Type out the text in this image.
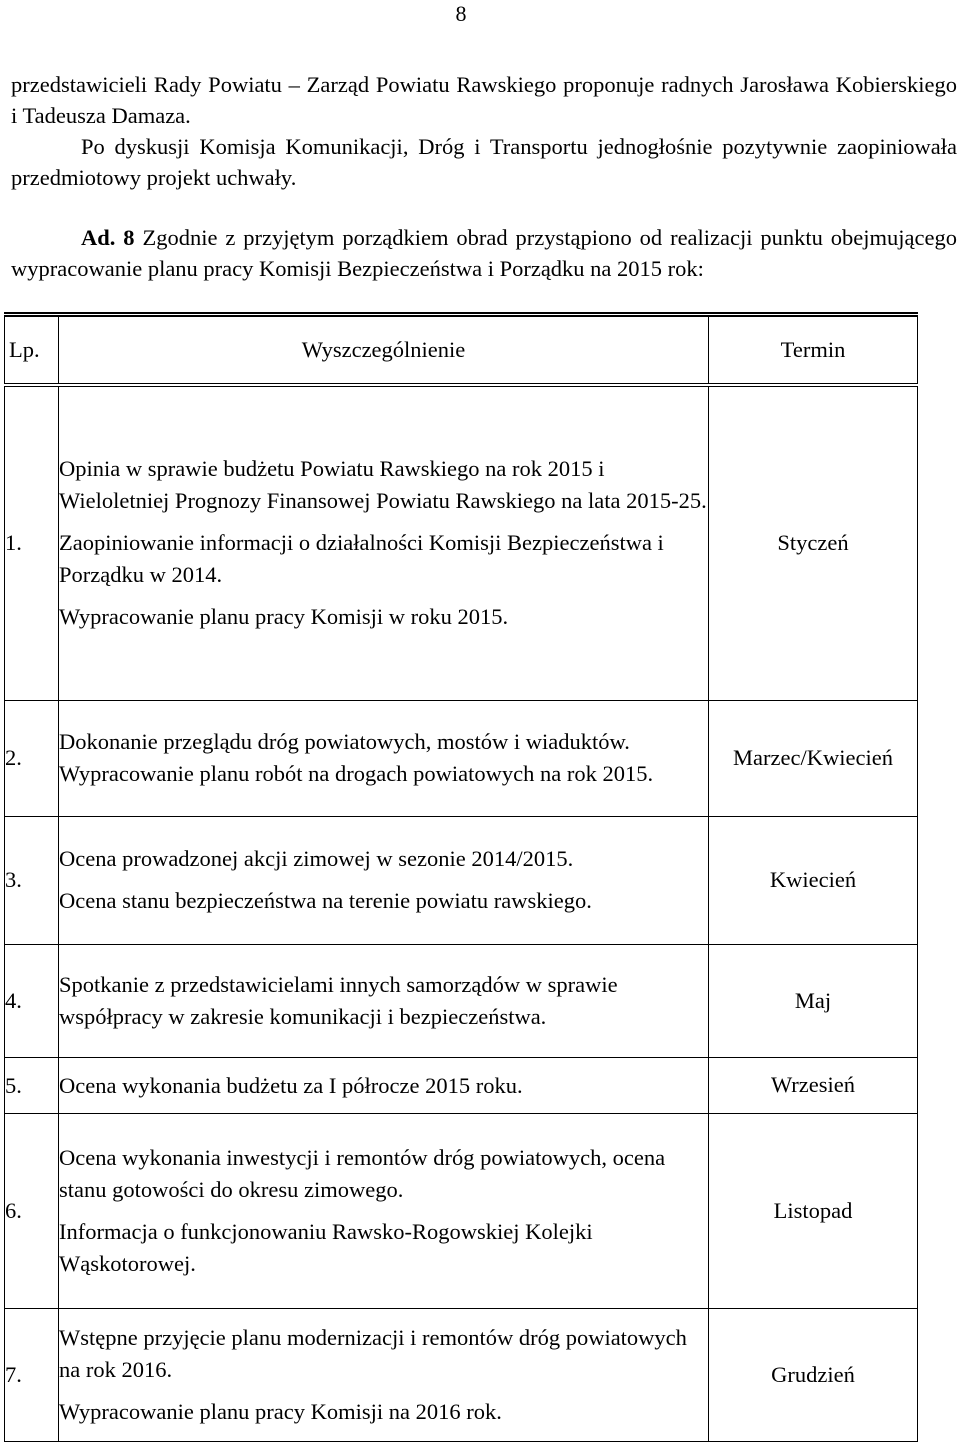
8

przedstawicieli Rady Powiatu – Zarząd Powiatu Rawskiego proponuje radnych Jarosława Kobierskiego i Tadeusza Damaza.

Po dyskusji Komisja Komunikacji, Dróg i Transportu jednogłośnie pozytywnie zaopiniowała przedmiotowy projekt uchwały.

Ad. 8 Zgodnie z przyjętym porządkiem obrad przystąpiono od realizacji punktu obejmującego wypracowanie planu pracy Komisji Bezpieczeństwa i Porządku na 2015 rok:

Lp.	Wyszczególnienie	Termin
1.	Opinia w sprawie budżetu Powiatu Rawskiego na rok 2015 i Wieloletniej Prognozy Finansowej Powiatu Rawskiego na lata 2015-25.

Zaopiniowanie informacji o działalności Komisji Bezpieczeństwa i Porządku w 2014.

Wypracowanie planu pracy Komisji w roku 2015.	Styczeń
2.	Dokonanie przeglądu dróg powiatowych, mostów i wiaduktów. Wypracowanie planu robót na drogach powiatowych na rok 2015.	Marzec/Kwiecień
3.	Ocena prowadzonej akcji zimowej w sezonie 2014/2015.

Ocena stanu bezpieczeństwa na terenie powiatu rawskiego.	Kwiecień
4.	Spotkanie z przedstawicielami innych samorządów w sprawie współpracy w zakresie komunikacji i bezpieczeństwa.	Maj
5.	Ocena wykonania budżetu za I półrocze 2015 roku.	Wrzesień
6.	Ocena wykonania inwestycji i remontów dróg powiatowych, ocena stanu gotowości do okresu zimowego.

Informacja o funkcjonowaniu Rawsko-Rogowskiej Kolejki Wąskotorowej.	Listopad
7.	Wstępne przyjęcie planu modernizacji i remontów dróg powiatowych na rok 2016.

Wypracowanie planu pracy Komisji na 2016 rok.	Grudzień
